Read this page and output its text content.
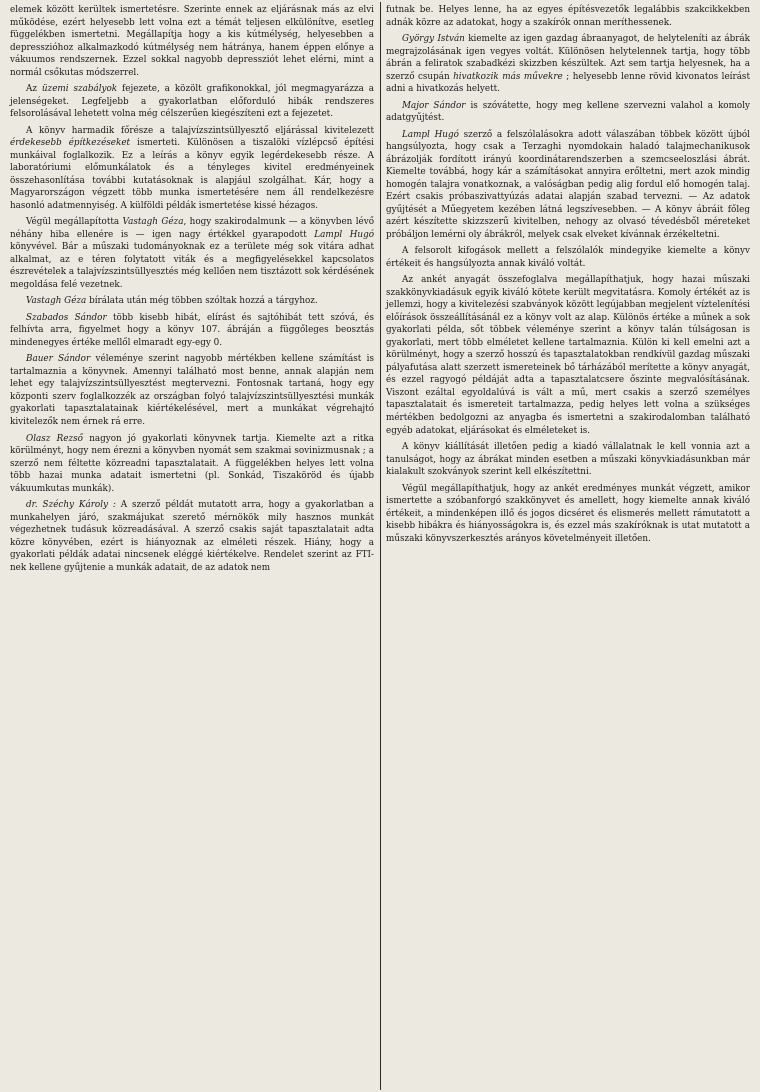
elemek között kerültek ismertetésre. Szerinte ennek az eljárásnak más az elvi működése, ezért helyesebb lett volna ezt a témát teljesen elkülönítve, esetleg függelékben ismertetni. Megállapítja hogy a kis kútmélység, helyesebben a depresszióhoz alkalmazkodó kútmélység nem hátránya, hanem éppen előnye a vákuumos rendszernek. Ezzel sokkal nagyobb depressziót lehet elérni, mint a normál csőkutas módszerrel.

Az üzemi szabályok fejezete, a közölt grafikonokkal, jól megmagyarázza a jelenségeket. Legfeljebb a gyakorlatban előforduló hibák rendszeres felsorolásával lehetett volna még célszerűen kiegészíteni ezt a fejezetet.

A könyv harmadik főrésze a talajvízszintsüllyesztő eljárással kivitelezett érdekesebb építkezéseket ismerteti. Különösen a tiszalöki vízlépcső építési munkáival foglalkozik. Ez a leírás a könyv egyik legérdekesebb része. A laboratóriumi előmunkálatok és a tényleges kivitel eredményeinek összehasonlítása további kutatásoknak is alapjául szolgálhat. Kár, hogy a Magyarországon végzett több munka ismertetésére nem áll rendelkezésre hasonló adatmennyiség. A külföldi példák ismertetése kissé hézagos.

Végül megállapította Vastagh Géza, hogy szakirodalmunk — a könyvben lévő néhány hiba ellenére is — igen nagy értékkel gyarapodott Lampl Hugó könyvével. Bár a műszaki tudományoknak ez a területe még sok vitára adhat alkalmat, az e téren folytatott viták és a megfigyelésekkel kapcsolatos észrevételek a talajvízszintsüllyesztés még kellően nem tisztázott sok kérdésének megoldása felé vezetnek.

Vastagh Géza bírálata után még többen szóltak hozzá a tárgyhoz.

Szabados Sándor több kisebb hibát, elírást és sajtóhibát tett szóvá, és felhívta arra, figyelmet hogy a könyv 107. ábráján a függőleges beosztás mindenegyes értéke mellől elmaradt egy-egy 0.

Bauer Sándor véleménye szerint nagyobb mértékben kellene számítást is tartalmaznia a könyvnek. Amennyi található most benne, annak alapján nem lehet egy talajvízszintsüllyesztést megtervezni. Fontosnak tartaná, hogy egy központi szerv foglalkozzék az országban folyó talajvízszintsüllyesztési munkák gyakorlati tapasztalatainak kiértékelésével, mert a munkákat végrehajtó kivitelezők nem érnek rá erre.

Olasz Rezső nagyon jó gyakorlati könyvnek tartja. Kiemelte azt a ritka körülményt, hogy nem érezni a könyvben nyomát sem szakmai sovinizmusnak ; a szerző nem féltette közreadni tapasztalatait. A függelékben helyes lett volna több hazai munka adatait ismertetni (pl. Sonkád, Tiszaköröd és újabb vákuumkutas munkák).

dr. Széchy Károly : A szerző példát mutatott arra, hogy a gyakorlatban a munkahelyen járó, szakmájukat szerető mérnökök mily hasznos munkát végezhetnek tudásuk közreadásával. A szerző csakis saját tapasztalatait adta közre könyvében, ezért is hiányoznak az elméleti részek. Hiány, hogy a gyakorlati példák adatai nincsenek eléggé kiértékelve. Rendelet szerint az FTI-nek kellene gyűjtenie a munkák adatait, de az adatok nem

futnak be. Helyes lenne, ha az egyes építésvezetők legalábbis szakcikkekben adnák közre az adatokat, hogy a szakírók onnan meríthessenek.

György István kiemelte az igen gazdag ábraanyagot, de helyteleníti az ábrák megrajzolásának igen vegyes voltát. Különösen helytelennek tartja, hogy több ábrán a feliratok szabadkézi skizzben készültek. Azt sem tartja helyesnek, ha a szerző csupán hivatkozik más művekre ; helyesebb lenne rövid kivonatos leírást adni a hivatkozás helyett.

Major Sándor is szóvátette, hogy meg kellene szervezni valahol a komoly adatgyűjtést.

Lampl Hugó szerző a felszólalásokra adott válaszában többek között újból hangsúlyozta, hogy csak a Terzaghi nyomdokain haladó talajmechanikusok ábrázolják fordított irányú koordinátarendszerben a szemcseeloszlási ábrát. Kiemelte továbbá, hogy kár a számításokat annyira erőltetni, mert azok mindig homogén talajra vonatkoznak, a valóságban pedig alig fordul elő homogén talaj. Ezért csakis próbaszivattyúzás adatai alapján szabad tervezni. — Az adatok gyűjtését a Műegyetem kezében látná legszívesebben. — A könyv ábráit főleg azért készítette skizzszerű kivitelben, nehogy az olvasó tévedésből méreteket próbáljon lemérni oly ábrákról, melyek csak elveket kívánnak érzékeltetni.

A felsorolt kifogások mellett a felszólalók mindegyike kiemelte a könyv értékeit és hangsúlyozta annak kiváló voltát.

Az ankét anyagát összefoglalva megállapíthatjuk, hogy hazai műszaki szakkönyvkiadásuk egyik kiváló kötete került megvitatásra. Komoly értékét az is jellemzi, hogy a kivitelezési szabványok között legújabban megjelent víztelenítési előírások összeállításánál ez a könyv volt az alap. Különös értéke a műnek a sok gyakorlati példa, sőt többek véleménye szerint a könyv talán túlságosan is gyakorlati, mert több elméletet kellene tartalmaznia. Külön ki kell emelni azt a körülményt, hogy a szerző hosszú és tapasztalatokban rendkívül gazdag műszaki pályafutása alatt szerzett ismereteinek bő tárházából merítette a könyv anyagát, és ezzel ragyogó példáját adta a tapasztalatcsere őszinte megvalósításának. Viszont ezáltal egyoldalúvá is vált a mű, mert csakis a szerző személyes tapasztalatait és ismereteit tartalmazza, pedig helyes lett volna a szükséges mértékben bedolgozni az anyagba és ismertetni a szakirodalomban található egyéb adatokat, eljárásokat és elméleteket is.

A könyv kiállítását illetően pedig a kiadó vállalatnak le kell vonnia azt a tanulságot, hogy az ábrákat minden esetben a műszaki könyvkiadásunkban már kialakult szokványok szerint kell elkészítettni.

Végül megállapíthatjuk, hogy az ankét eredményes munkát végzett, amikor ismertette a szóbanforgó szakkönyvet és amellett, hogy kiemelte annak kiváló értékeit, a mindenképen illő és jogos dicséret és elismerés mellett rámutatott a kisebb hibákra és hiányosságokra is, és ezzel más szakíróknak is utat mutatott a műszaki könyvszerkesztés arányos követelményeit illetően.
